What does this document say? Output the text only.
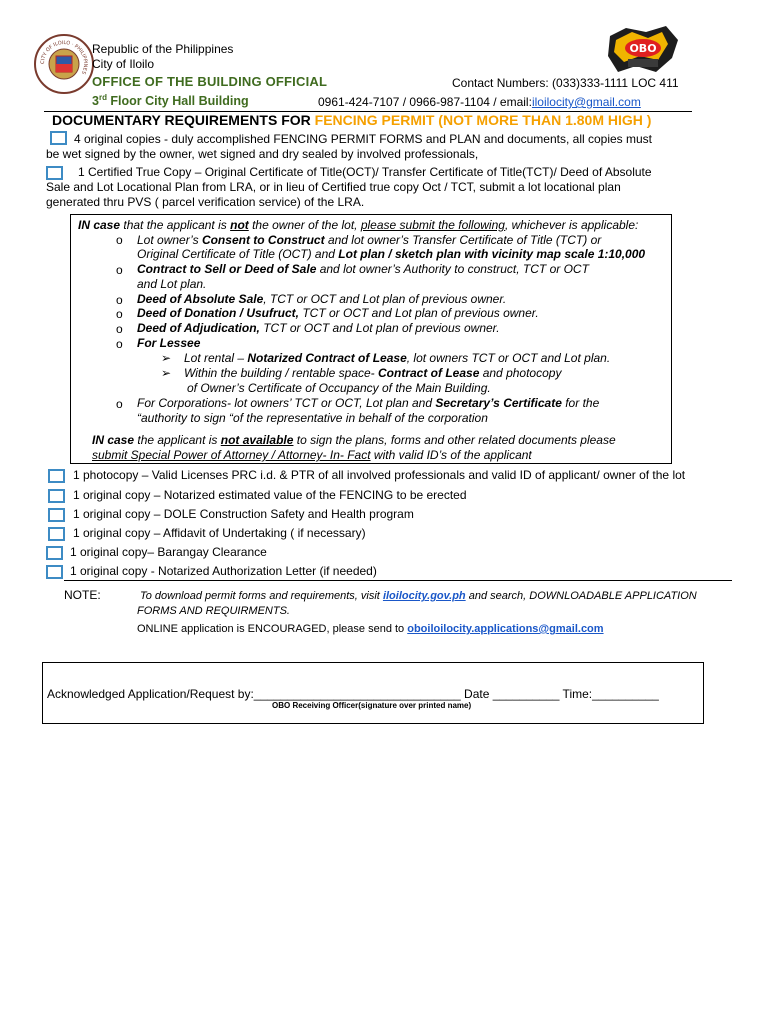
CITY OF ILOILO · PHILIPPINES
Republic of the Philippines
City of Iloilo
OFFICE OF THE BUILDING OFFICIAL
3rd Floor City Hall Building
OBO
Contact Numbers: (033)333-1111 LOC 411
0961-424-7107 / 0966-987-1104 / email:iloilocity@gmail.com
DOCUMENTARY REQUIREMENTS FOR FENCING PERMIT (NOT MORE THAN 1.80M HIGH )
4 original copies - duly accomplished FENCING PERMIT FORMS and PLAN and documents, all copies must
be wet signed by the owner, wet signed and dry sealed by involved professionals,
1 Certified True Copy – Original Certificate of Title(OCT)/ Transfer Certificate of Title(TCT)/ Deed of Absolute
Sale and Lot Locational Plan from LRA, or in lieu of Certified true copy Oct / TCT, submit a lot locational plan
generated thru PVS ( parcel verification service) of the LRA.
IN case that the applicant is not the owner of the lot, please submit the following, whichever is applicable:
o Lot owner’s Consent to Construct and lot owner’s Transfer Certificate of Title (TCT) or
Original Certificate of Title (OCT) and Lot plan / sketch plan with vicinity map scale 1:10,000
o Contract to Sell or Deed of Sale and lot owner’s Authority to construct, TCT or OCT
and Lot plan.
o Deed of Absolute Sale, TCT or OCT and Lot plan of previous owner.
o Deed of Donation / Usufruct, TCT or OCT and Lot plan of previous owner.
o Deed of Adjudication, TCT or OCT and Lot plan of previous owner.
o For Lessee
➢ Lot rental – Notarized Contract of Lease, lot owners TCT or OCT and Lot plan.
➢ Within the building / rentable space- Contract of Lease and photocopy
of Owner’s Certificate of Occupancy of the Main Building.
o For Corporations- lot owners’ TCT or OCT, Lot plan and Secretary’s Certificate for the
“authority to sign “of the representative in behalf of the corporation
IN case the applicant is not available to sign the plans, forms and other related documents please
submit Special Power of Attorney / Attorney- In- Fact with valid ID’s of the applicant
1 photocopy – Valid Licenses PRC i.d. & PTR of all involved professionals and valid ID of applicant/ owner of the lot
1 original copy – Notarized estimated value of the FENCING to be erected
1 original copy – DOLE Construction Safety and Health program
1 original copy – Affidavit of Undertaking ( if necessary)
1 original copy– Barangay Clearance
1 original copy - Notarized Authorization Letter (if needed)
NOTE:	To download permit forms and requirements, visit iloilocity.gov.ph and search, DOWNLOADABLE APPLICATION
FORMS AND REQUIRMENTS.
ONLINE application is ENCOURAGED, please send to oboiloilocity.applications@gmail.com
Acknowledged Application/Request by:_______________________________ Date __________ Time:__________
OBO Receiving Officer(signature over printed name)
